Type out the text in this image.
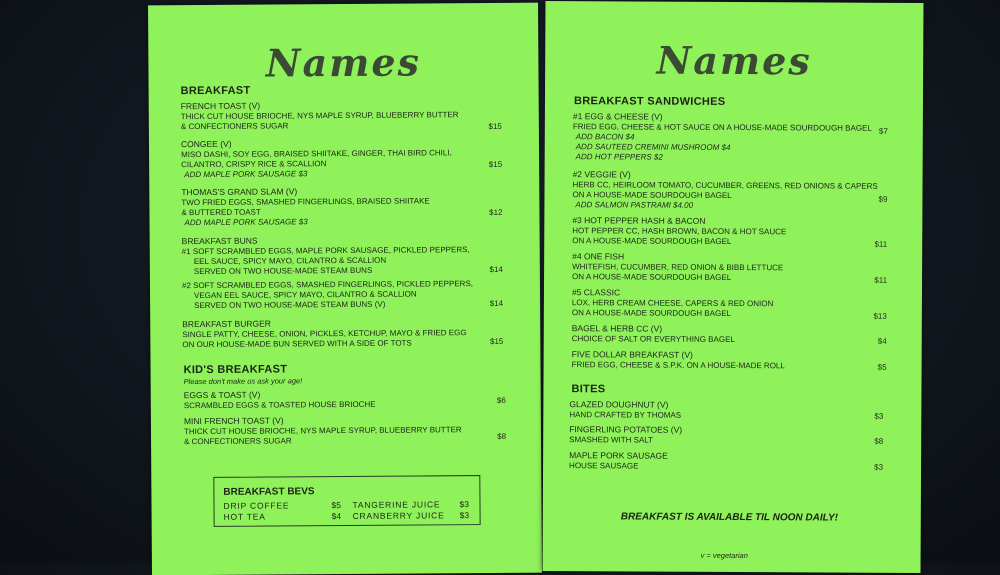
Names
BREAKFAST
FRENCH TOAST (V)
THICK CUT HOUSE BRIOCHE, NYS MAPLE SYRUP, BLUEBERRY BUTTER
& CONFECTIONERS SUGAR	$15
CONGEE (V)
MISO DASHI, SOY EGG, BRAISED SHIITAKE, GINGER, THAI BIRD CHILI,
CILANTRO, CRISPY RICE & SCALLION
ADD MAPLE PORK SAUSAGE $3
$15
THOMAS'S GRAND SLAM (V)
TWO FRIED EGGS, SMASHED FINGERLINGS, BRAISED SHIITAKE
& BUTTERED TOAST
ADD MAPLE PORK SAUSAGE $3
$12
BREAKFAST BUNS
#1 SOFT SCRAMBLED EGGS, MAPLE PORK SAUSAGE, PICKLED PEPPERS,
EEL SAUCE, SPICY MAYO, CILANTRO & SCALLION
SERVED ON TWO HOUSE-MADE STEAM BUNS	$14
#2 SOFT SCRAMBLED EGGS, SMASHED FINGERLINGS, PICKLED PEPPERS,
VEGAN EEL SAUCE, SPICY MAYO, CILANTRO & SCALLION
SERVED ON TWO HOUSE-MADE STEAM BUNS (V)	$14
BREAKFAST BURGER
SINGLE PATTY, CHEESE, ONION, PICKLES, KETCHUP, MAYO & FRIED EGG
ON OUR HOUSE-MADE BUN SERVED WITH A SIDE OF TOTS	$15
KID'S BREAKFAST
Please don't make us ask your age!
EGGS & TOAST (V)
SCRAMBLED EGGS & TOASTED HOUSE BRIOCHE	$6
MINI FRENCH TOAST (V)
THICK CUT HOUSE BRIOCHE, NYS MAPLE SYRUP, BLUEBERRY BUTTER
& CONFECTIONERS SUGAR	$8
BREAKFAST BEVS
DRIP COFFEE	$5 TANGERINE JUICE $3
HOT TEA	$4 CRANBERRY JUICE $3
Names
BREAKFAST SANDWICHES
#1 EGG & CHEESE (V)
FRIED EGG, CHEESE & HOT SAUCE ON A HOUSE-MADE SOURDOUGH BAGEL
ADD BACON $4
ADD SAUTEED CREMINI MUSHROOM $4
ADD HOT PEPPERS $2
$7
#2 VEGGIE (V)
HERB CC, HEIRLOOM TOMATO, CUCUMBER, GREENS, RED ONIONS & CAPERS
ON A HOUSE-MADE SOURDOUGH BAGEL
ADD SALMON PASTRAMI $4.00
$9
#3 HOT PEPPER HASH & BACON
HOT PEPPER CC, HASH BROWN, BACON & HOT SAUCE
ON A HOUSE-MADE SOURDOUGH BAGEL	$11
#4 ONE FISH
WHITEFISH, CUCUMBER, RED ONION & BIBB LETTUCE
ON A HOUSE-MADE SOURDOUGH BAGEL	$11
#5 CLASSIC
LOX, HERB CREAM CHEESE, CAPERS & RED ONION
ON A HOUSE-MADE SOURDOUGH BAGEL	$13
BAGEL & HERB CC (V)
CHOICE OF SALT OR EVERYTHING BAGEL	$4
FIVE DOLLAR BREAKFAST (V)
FRIED EGG, CHEESE & S.P.K. ON A HOUSE-MADE ROLL	$5
BITES
GLAZED DOUGHNUT (V)
HAND CRAFTED BY THOMAS	$3
FINGERLING POTATOES (V)
SMASHED WITH SALT	$8
MAPLE PORK SAUSAGE
HOUSE SAUSAGE	$3
BREAKFAST IS AVAILABLE TIL NOON DAILY!
v = vegetarian
